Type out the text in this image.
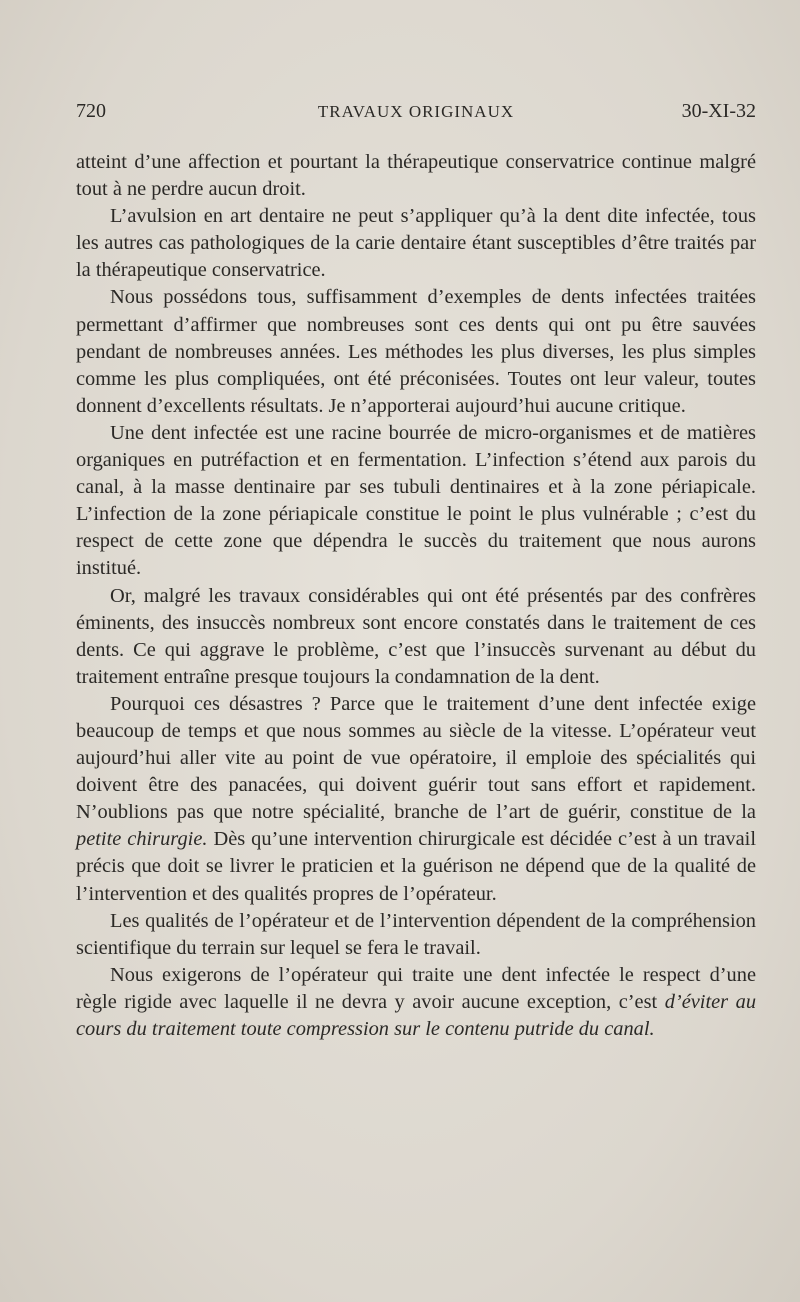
720	TRAVAUX ORIGINAUX	30-XI-32

atteint d’une affection et pourtant la thérapeutique conservatrice continue malgré tout à ne perdre aucun droit.

L’avulsion en art dentaire ne peut s’appliquer qu’à la dent dite infectée, tous les autres cas pathologiques de la carie dentaire étant susceptibles d’être traités par la thérapeutique conservatrice.

Nous possédons tous, suffisamment d’exemples de dents infectées traitées permettant d’affirmer que nombreuses sont ces dents qui ont pu être sauvées pendant de nombreuses années. Les méthodes les plus diverses, les plus simples comme les plus compliquées, ont été préconisées. Toutes ont leur valeur, toutes donnent d’excellents résultats. Je n’apporterai aujourd’hui aucune critique.

Une dent infectée est une racine bourrée de micro-organismes et de matières organiques en putréfaction et en fermentation. L’infection s’étend aux parois du canal, à la masse dentinaire par ses tubuli dentinaires et à la zone périapicale. L’infection de la zone périapicale constitue le point le plus vulnérable ; c’est du respect de cette zone que dépendra le succès du traitement que nous aurons institué.

Or, malgré les travaux considérables qui ont été présentés par des confrères éminents, des insuccès nombreux sont encore constatés dans le traitement de ces dents. Ce qui aggrave le problème, c’est que l’insuccès survenant au début du traitement entraîne presque toujours la condamnation de la dent.

Pourquoi ces désastres ? Parce que le traitement d’une dent infectée exige beaucoup de temps et que nous sommes au siècle de la vitesse. L’opérateur veut aujourd’hui aller vite au point de vue opératoire, il emploie des spécialités qui doivent être des panacées, qui doivent guérir tout sans effort et rapidement. N’oublions pas que notre spécialité, branche de l’art de guérir, constitue de la petite chirurgie. Dès qu’une intervention chirurgicale est décidée c’est à un travail précis que doit se livrer le praticien et la guérison ne dépend que de la qualité de l’intervention et des qualités propres de l’opérateur.

Les qualités de l’opérateur et de l’intervention dépendent de la compréhension scientifique du terrain sur lequel se fera le travail.

Nous exigerons de l’opérateur qui traite une dent infectée le respect d’une règle rigide avec laquelle il ne devra y avoir aucune exception, c’est d’éviter au cours du traitement toute compression sur le contenu putride du canal.
